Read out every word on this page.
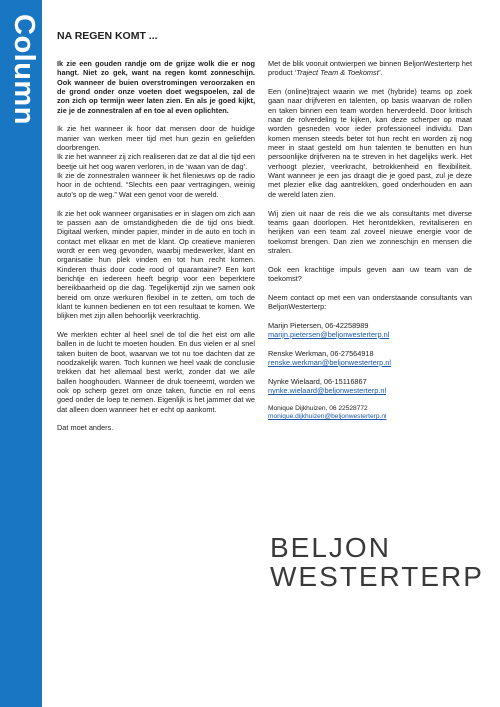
Column NA REGEN KOMT ...

Ik zie een gouden randje om de grijze wolk die er nog hangt. Niet zo gek, want na regen komt zonneschijn. Ook wanneer de buien overstromingen veroorzaken en de grond onder onze voeten doet wegspoelen, zal de zon zich op termijn weer laten zien. En als je goed kijkt, zie je de zonnestralen af en toe al even oplichten.

Ik zie het wanneer ik hoor dat mensen door de huidige manier van werken meer tijd met hun gezin en geliefden doorbrengen.

Ik zie het wanneer zij zich realiseren dat ze dat al die tijd een beetje uit het oog waren verloren, in de ‘waan van de dag’.

Ik zie de zonnestralen wanneer ik het filenieuws op de radio hoor in de ochtend. “Slechts een paar vertragingen, weinig auto’s op de weg.” Wat een genot voor de wereld.

Ik zie het ook wanneer organisaties er in slagen om zich aan te passen aan de omstandigheden die de tijd ons biedt. Digitaal werken, minder papier, minder in de auto en toch in contact met elkaar en met de klant. Op creatieve manieren wordt er een weg gevonden, waarbij medewerker, klant en organisatie hun plek vinden en tot hun recht komen. Kinderen thuis door code rood of quarantaine? Een kort berichtje en iedereen heeft begrip voor een beperktere bereikbaarheid op die dag. Tegelijkertijd zijn we samen ook bereid om onze werkuren flexibel in te zetten, om toch de klant te kunnen bedienen en tot een resultaat te komen. We blijken met zijn allen behoorlijk veerkrachtig.

We merkten echter al heel snel de tol die het eist om alle ballen in de lucht te moeten houden. En dus vielen er al snel taken buiten de boot, waarvan we tot nu toe dachten dat ze noodzakelijk waren. Toch kunnen we heel vaak de conclusie trekken dat het allemaal best werkt, zonder dat we alle ballen hooghouden. Wanneer de druk toeneemt, worden we ook op scherp gezet om onze taken, functie en rol eens goed onder de loep te nemen. Eigenlijk is het jammer dat we dat alleen doen wanneer het er echt op aankomt.

Dat moet anders.

Met de blik vooruit ontwierpen we binnen BeljonWesterterp het product ‘Traject Team & Toekomst’.

Een (online)traject waarin we met (hybride) teams op zoek gaan naar drijfveren en talenten, op basis waarvan de rollen en taken binnen een team worden herverdeeld. Door kritisch naar de rolverdeling te kijken, kan deze scherper op maat worden gesneden voor ieder professioneel individu. Dan komen mensen steeds beter tot hun recht en worden zij nog meer in staat gesteld om hun talenten te benutten en hun persoonlijke drijfveren na te streven in het dagelijks werk. Het verhoogt plezier, veerkracht, betrokkenheid en flexibiliteit. Want wanneer je een jas draagt die je goed past, zul je deze met plezier elke dag aantrekken, goed onderhouden en aan de wereld laten zien.

Wij zien uit naar de reis die we als consultants met diverse teams gaan doorlopen. Het herontdekken, revitaliseren en herijken van een team zal zoveel nieuwe energie voor de toekomst brengen. Dan zien we zonneschijn en mensen die stralen.

Ook een krachtige impuls geven aan uw team van de toekomst?

Neem contact op met een van onderstaande consultants van BeljonWesterterp:

Marijn Pietersen, 06-42258989

marijn.pietersen@beljonwesterterp.nl

Renske Werkman, 06-27564918

renske.werkman@beljonwesterterp.nl

Nynke Wielaard, 06-15116867

nynke.wielaard@beljonwesterterp.nl

Monique Dijkhuizen, 06 22528772

monique.dijkhuizen@beljonwesterterp.nl

BELJON
WESTERTERP
